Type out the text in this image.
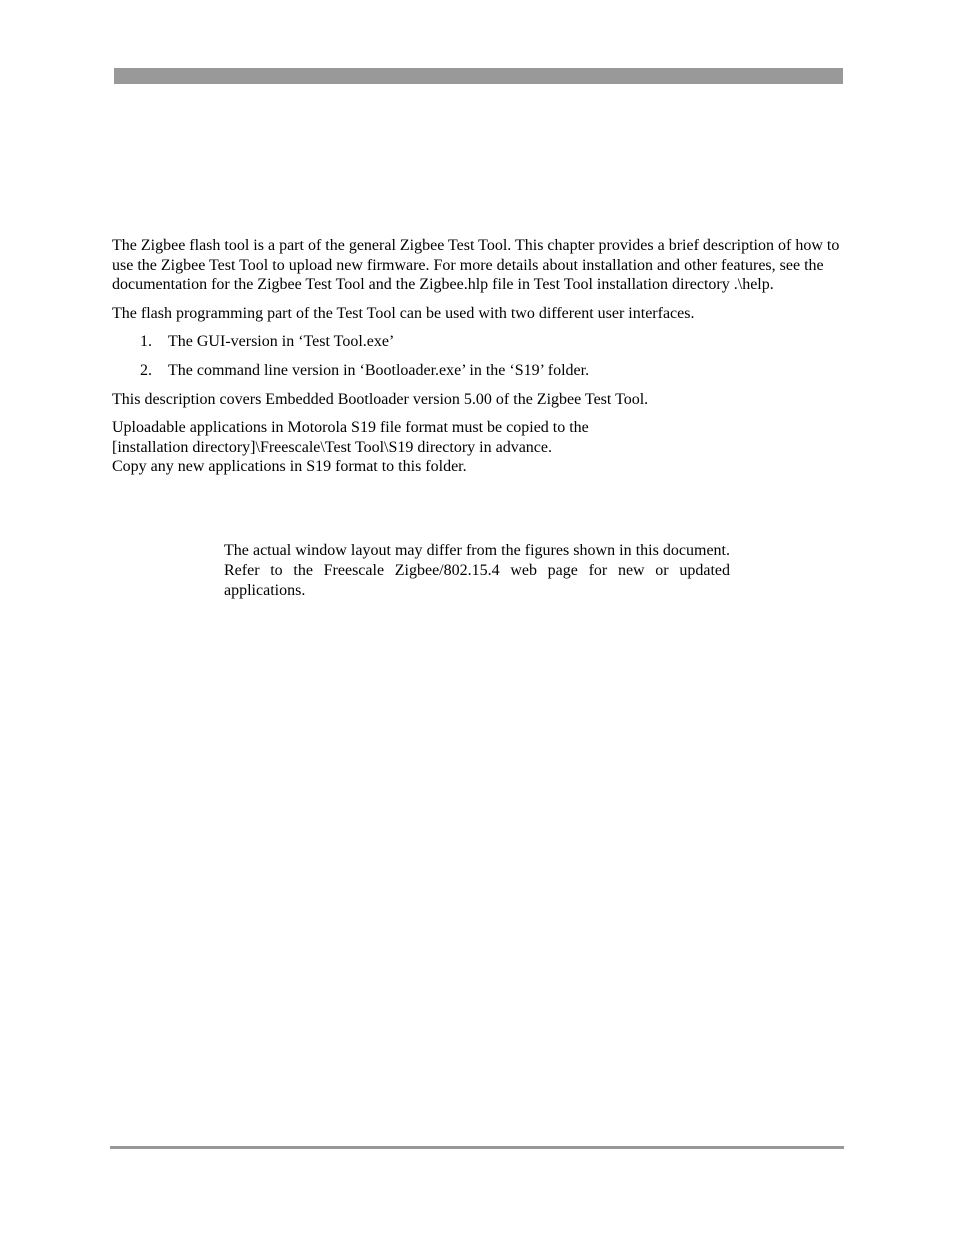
The Zigbee flash tool is a part of the general Zigbee Test Tool. This chapter provides a brief description of how to use the Zigbee Test Tool to upload new firmware. For more details about installation and other features, see the documentation for the Zigbee Test Tool and the Zigbee.hlp file in Test Tool installation directory .\help.

The flash programming part of the Test Tool can be used with two different user interfaces.

1.	The GUI-version in ‘Test Tool.exe’
2.	The command line version in ‘Bootloader.exe’ in the ‘S19’ folder.

This description covers Embedded Bootloader version 5.00 of the Zigbee Test Tool.

Uploadable applications in Motorola S19 file format must be copied to the
[installation directory]\Freescale\Test Tool\S19 directory in advance.
Copy any new applications in S19 format to this folder.

The actual window layout may differ from the figures shown in this document. Refer to the Freescale Zigbee/802.15.4 web page for new or updated applications.
